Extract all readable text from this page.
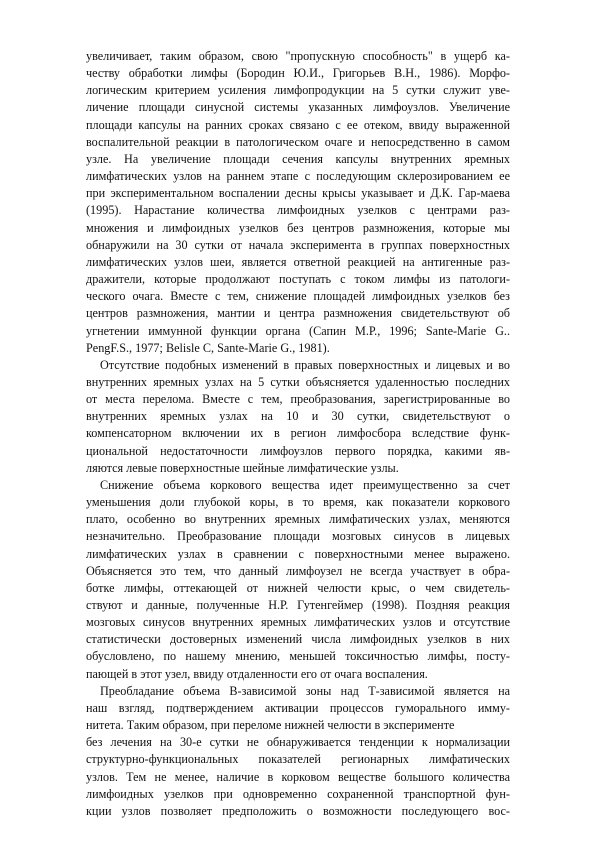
увеличивает, таким образом, свою "пропускную способность" в ущерб ка-
честву обработки лимфы (Бородин Ю.И., Григорьев В.Н., 1986). Морфо-
логическим критерием усиления лимфопродукции на 5 сутки служит уве-
личение площади синусной системы указанных лимфоузлов. Увеличение
площади капсулы на ранних сроках связано с ее отеком, ввиду выраженной
воспалительной реакции в патологическом очаге и непосредственно в самом
узле. На увеличение площади сечения капсулы внутренних яремных
лимфатических узлов на раннем этапе с последующим склерозированием ее
при экспериментальном воспалении десны крысы указывает и Д.К. Гар-маева
(1995). Нарастание количества лимфоидных узелков с центрами раз-
множения и лимфоидных узелков без центров размножения, которые мы
обнаружили на 30 сутки от начала эксперимента в группах поверхностных
лимфатических узлов шеи, является ответной реакцией на антигенные раз-
дражители, которые продолжают поступать с током лимфы из патологи-
ческого очага. Вместе с тем, снижение площадей лимфоидных узелков без
центров размножения, мантии и центра размножения свидетельствуют об
угнетении иммунной функции органа (Сапин М.Р., 1996; Sante-Marie G..
PengF.S., 1977; Belisle C, Sante-Marie G., 1981).
Отсутствие подобных изменений в правых поверхностных и лицевых и во
внутренних яремных узлах на 5 сутки объясняется удаленностью последних
от места перелома. Вместе с тем, преобразования, зарегистрированные во
внутренних яремных узлах на 10 и 30 сутки, свидетельствуют о
компенсаторном включении их в регион лимфосбора вследствие функ-
циональной недостаточности лимфоузлов первого порядка, какими яв-
ляются левые поверхностные шейные лимфатические узлы.
Снижение объема коркового вещества идет преимущественно за счет
уменьшения доли глубокой коры, в то время, как показатели коркового
плато, особенно во внутренних яремных лимфатических узлах, меняются
незначительно. Преобразование площади мозговых синусов в лицевых
лимфатических узлах в сравнении с поверхностными менее выражено.
Объясняется это тем, что данный лимфоузел не всегда участвует в обра-
ботке лимфы, оттекающей от нижней челюсти крыс, о чем свидетель-
ствуют и данные, полученные Н.Р. Гутенгеймер (1998). Поздняя реакция
мозговых синусов внутренних яремных лимфатических узлов и отсутствие
статистически достоверных изменений числа лимфоидных узелков в них
обусловлено, по нашему мнению, меньшей токсичностью лимфы, посту-
пающей в этот узел, ввиду отдаленности его от очага воспаления.
Преобладание объема В-зависимой зоны над Т-зависимой является на
наш взгляд, подтверждением активации процессов гуморального имму-
нитета. Таким образом, при переломе нижней челюсти в эксперименте
без лечения на 30-е сутки не обнаруживается тенденции к нормализации
структурно-функциональных показателей регионарных лимфатических
узлов. Тем не менее, наличие в корковом веществе большого количества
лимфоидных узелков при одновременно сохраненной транспортной фун-
кции узлов позволяет предположить о возможности последующего вос-
